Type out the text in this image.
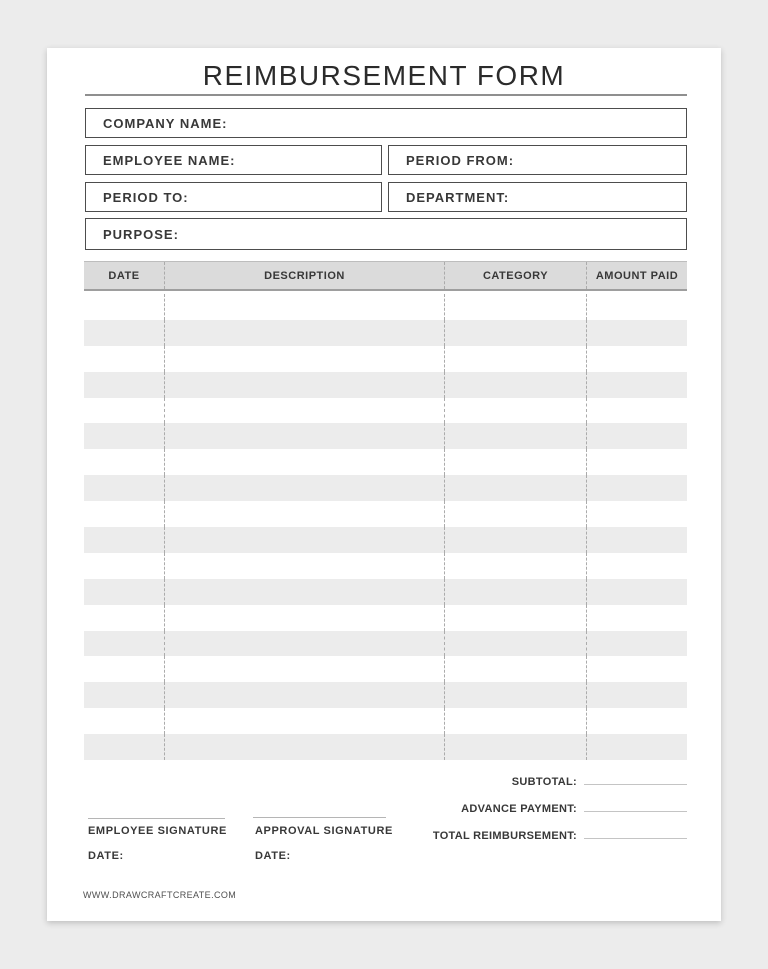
REIMBURSEMENT FORM
COMPANY NAME:
EMPLOYEE NAME:	PERIOD FROM:
PERIOD TO:	DEPARTMENT:
PURPOSE:
DATE	DESCRIPTION	CATEGORY	AMOUNT PAID
SUBTOTAL:
ADVANCE PAYMENT:
TOTAL REIMBURSEMENT:
EMPLOYEE SIGNATURE	APPROVAL SIGNATURE
DATE:	DATE:
WWW.DRAWCRAFTCREATE.COM
